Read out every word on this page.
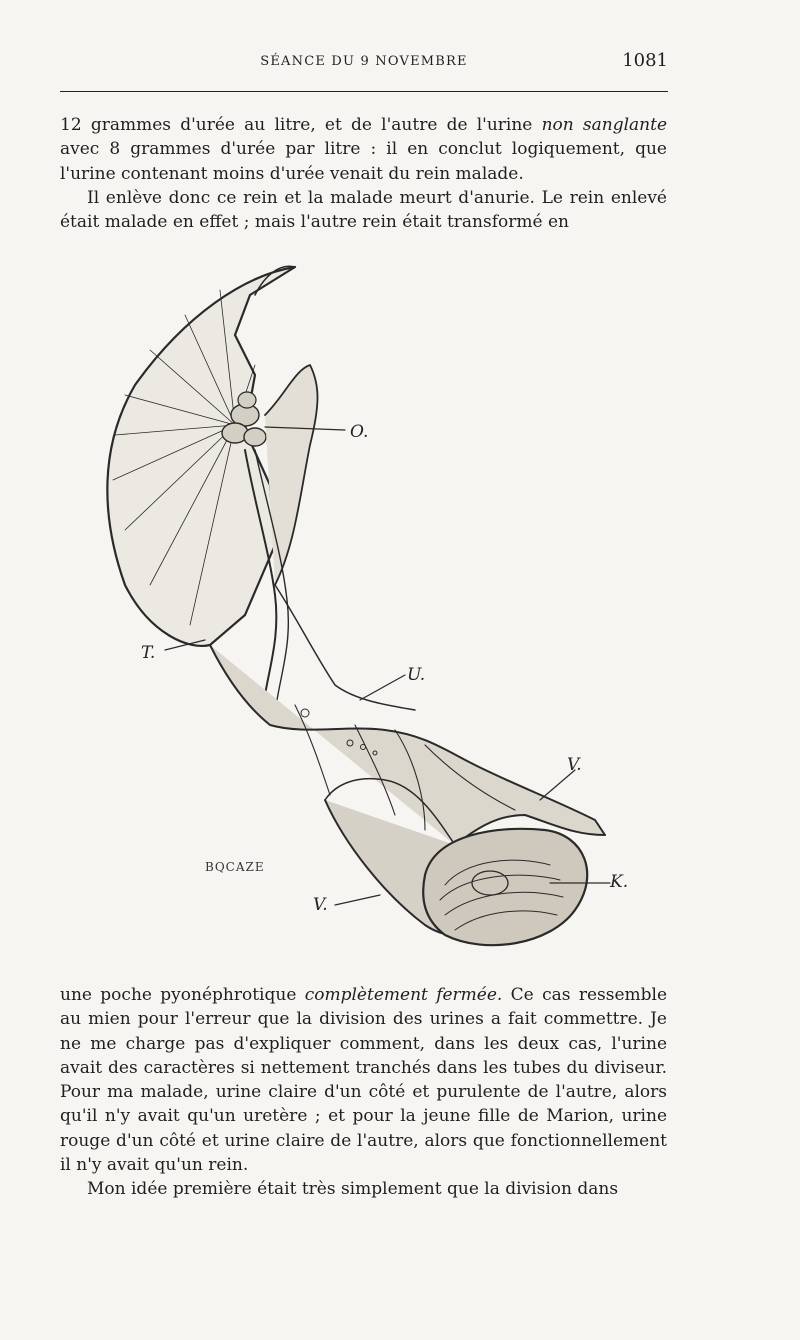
SÉANCE DU 9 NOVEMBRE	1081

12 grammes d'urée au litre, et de l'autre de l'urine non sanglante avec 8 grammes d'urée par litre : il en conclut logiquement, que l'urine contenant moins d'urée venait du rein malade.

Il enlève donc ce rein et la malade meurt d'anurie. Le rein enlevé était malade en effet ; mais l'autre rein était transformé en

O.
T.
U.
V.
K.
V.
BQCAZE

une poche pyonéphrotique complètement fermée. Ce cas ressemble au mien pour l'erreur que la division des urines a fait commettre. Je ne me charge pas d'expliquer comment, dans les deux cas, l'urine avait des caractères si nettement tranchés dans les tubes du diviseur. Pour ma malade, urine claire d'un côté et purulente de l'autre, alors qu'il n'y avait qu'un uretère ; et pour la jeune fille de Marion, urine rouge d'un côté et urine claire de l'autre, alors que fonctionnellement il n'y avait qu'un rein.

Mon idée première était très simplement que la division dans
